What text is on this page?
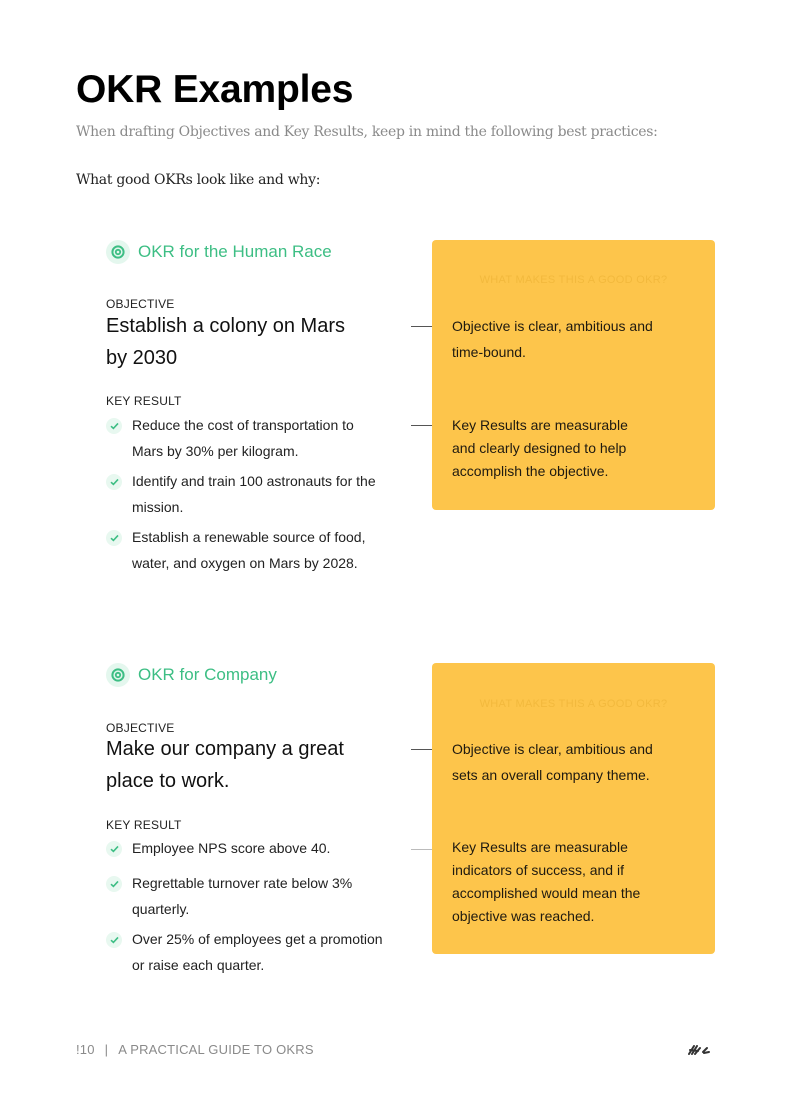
OKR Examples
When drafting Objectives and Key Results, keep in mind the following best practices:
What good OKRs look like and why:
OKR for the Human Race
OBJECTIVE
Establish a colony on Mars
by 2030
KEY RESULT
Reduce the cost of transportation to
Mars by 30% per kilogram.
Identify and train 100 astronauts for the
mission.
Establish a renewable source of food,
water, and oxygen on Mars by 2028.
WHAT MAKES THIS A GOOD OKR?
Objective is clear, ambitious and
time-bound.
Key Results are measurable
and clearly designed to help
accomplish the objective.
OKR for Company
OBJECTIVE
Make our company a great
place to work.
KEY RESULT
Employee NPS score above 40.
Regrettable turnover rate below 3%
quarterly.
Over 25% of employees get a promotion
or raise each quarter.
WHAT MAKES THIS A GOOD OKR?
Objective is clear, ambitious and
sets an overall company theme.
Key Results are measurable
indicators of success, and if
accomplished would mean the
objective was reached.
!10 | A PRACTICAL GUIDE TO OKRS
